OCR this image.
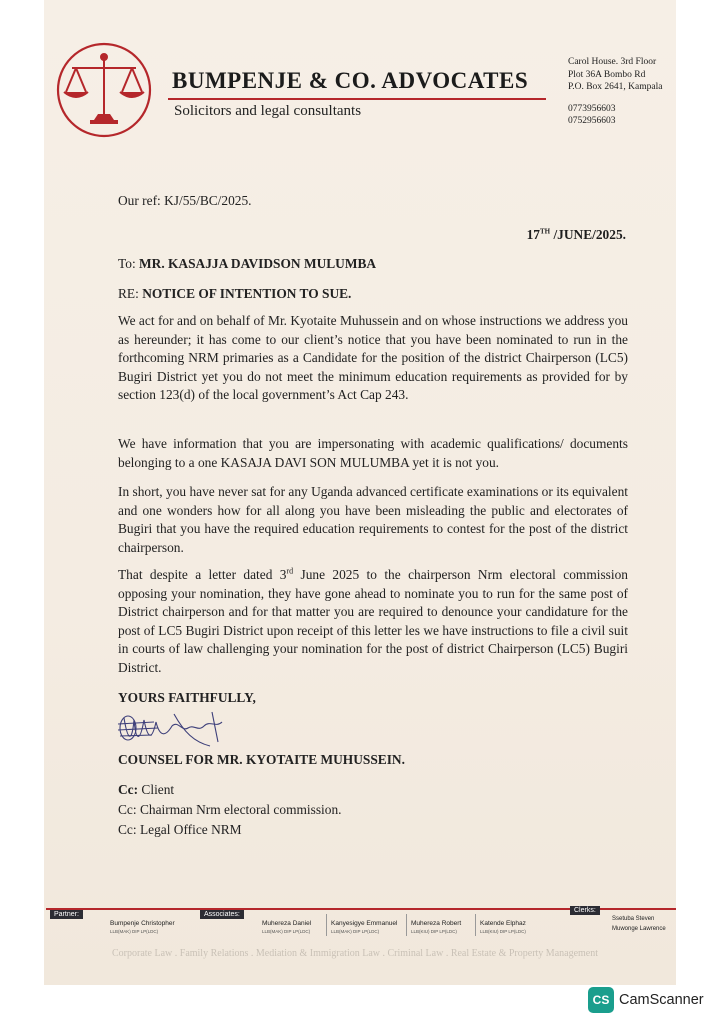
BUMPENJE & CO. ADVOCATES
Solicitors and legal consultants
Carol House. 3rd Floor
Plot 36A Bombo Rd
P.O. Box 2641, Kampala
0773956603
0752956603
Our ref: KJ/55/BC/2025.
17TH /JUNE/2025.
To: MR. KASAJJA DAVIDSON MULUMBA
RE: NOTICE OF INTENTION TO SUE.

We act for and on behalf of Mr. Kyotaite Muhussein and on whose instructions we address you as hereunder; it has come to our client’s notice that you have been nominated to run in the forthcoming NRM primaries as a Candidate for the position of the district Chairperson (LC5) Bugiri District yet you do not meet the minimum education requirements as provided for by section 123(d) of the local government’s Act Cap 243.

We have information that you are impersonating with academic qualifications/ documents belonging to a one KASAJA DAVI SON MULUMBA yet it is not you.

In short, you have never sat for any Uganda advanced certificate examinations or its equivalent and one wonders how for all along you have been misleading the public and electorates of Bugiri that you have the required education requirements to contest for the post of the district chairperson.

That despite a letter dated 3rd June 2025 to the chairperson Nrm electoral commission opposing your nomination, they have gone ahead to nominate you to run for the same post of District chairperson and for that matter you are required to denounce your candidature for the post of LC5 Bugiri District upon receipt of this letter les we have instructions to file a civil suit in courts of law challenging your nomination for the post of district Chairperson (LC5) Bugiri District.

YOURS FAITHFULLY,
COUNSEL FOR MR. KYOTAITE MUHUSSEIN.
Cc: Client
Cc: Chairman Nrm electoral commission.
Cc: Legal Office NRM
Partner:
Bumpenje Christopher
LLB(MAK) DIP LP(LDC)
Associates:
Muhereza Daniel
LLB(MAK) DIP LP(LDC)
Kanyesigye Emmanuel
LLB(MAK) DIP LP(LDC)
Muhereza Robert
LLB(KIU) DIP LP(LDC)
Katende Elphaz
LLB(KIU) DIP LP(LDC)
Clerks:
Ssetuba Steven
Muwonge Lawrence
Corporate Law . Family Relations . Mediation & Immigration Law . Criminal Law . Real Estate & Property Management
CS CamScanner
